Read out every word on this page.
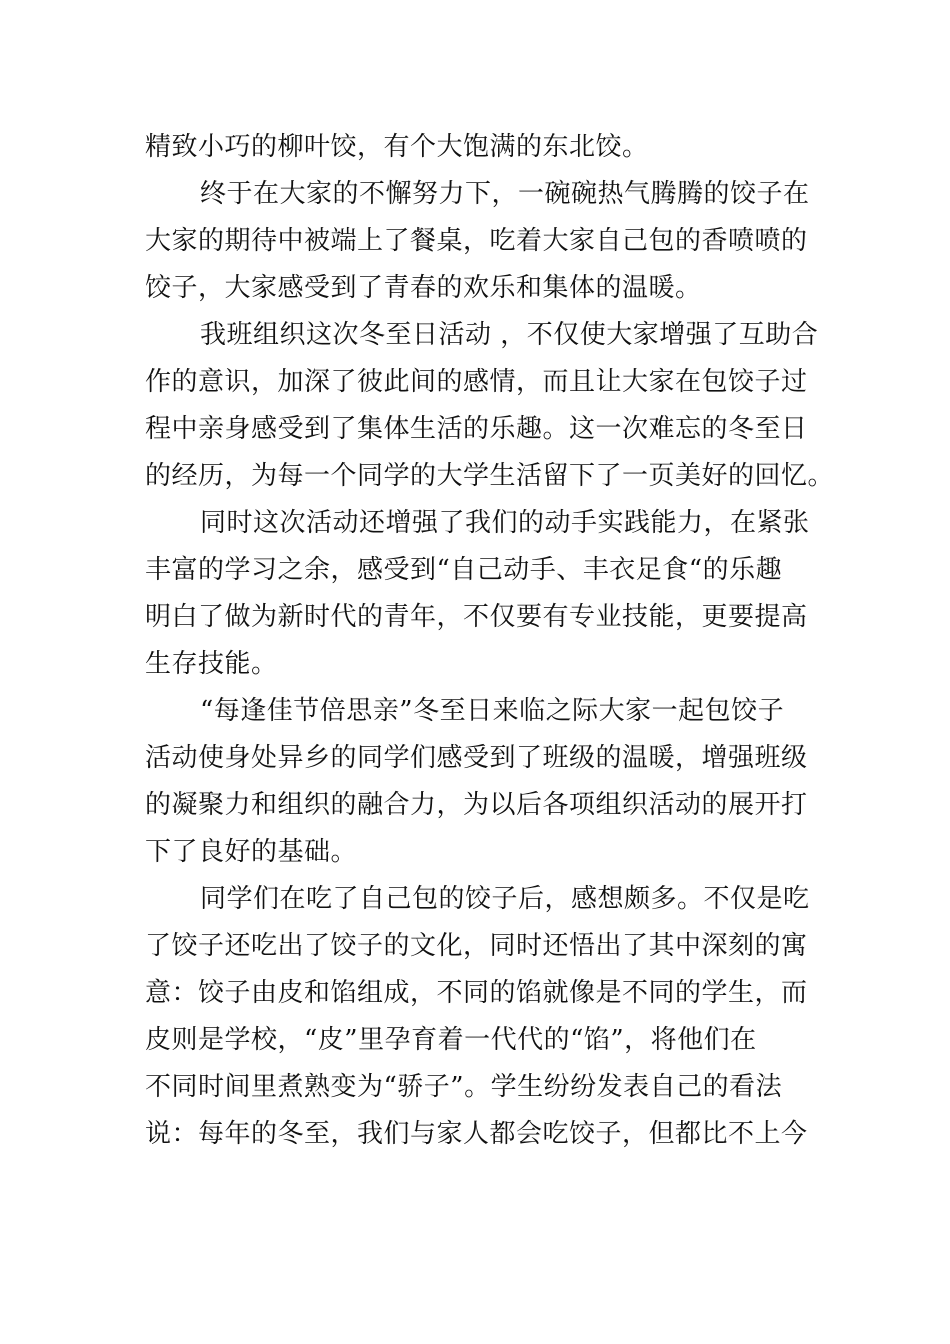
精致小巧的柳叶饺，有个大饱满的东北饺。
终于在大家的不懈努力下，一碗碗热气腾腾的饺子在
大家的期待中被端上了餐桌，吃着大家自己包的香喷喷的
饺子，大家感受到了青春的欢乐和集体的温暖。
我班组织这次冬至日活动 ，不仅使大家增强了互助合
作的意识，加深了彼此间的感情，而且让大家在包饺子过
程中亲身感受到了集体生活的乐趣。这一次难忘的冬至日
的经历，为每一个同学的大学生活留下了一页美好的回忆。
同时这次活动还增强了我们的动手实践能力，在紧张
丰富的学习之余，感受到“自己动手、丰衣足食“的乐趣
明白了做为新时代的青年，不仅要有专业技能，更要提高
生存技能。
“每逢佳节倍思亲”冬至日来临之际大家一起包饺子
活动使身处异乡的同学们感受到了班级的温暖，增强班级
的凝聚力和组织的融合力，为以后各项组织活动的展开打
下了良好的基础。
同学们在吃了自己包的饺子后，感想颇多。不仅是吃
了饺子还吃出了饺子的文化，同时还悟出了其中深刻的寓
意：饺子由皮和馅组成，不同的馅就像是不同的学生，而
皮则是学校，“皮”里孕育着一代代的“馅”，将他们在
不同时间里煮熟变为“骄子”。学生纷纷发表自己的看法
说：每年的冬至，我们与家人都会吃饺子，但都比不上今
